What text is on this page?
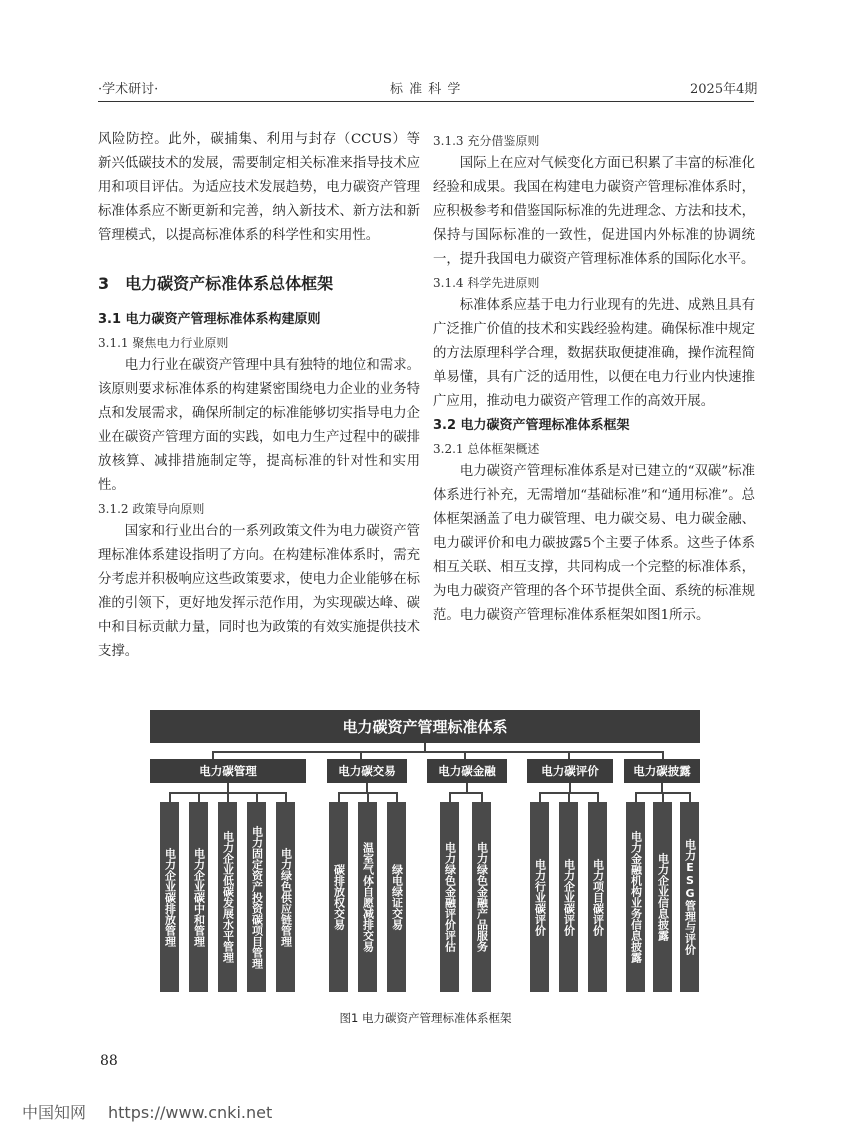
·学术研讨·	标 准 科 学	2025年4期

风险防控。此外，碳捕集、利用与封存（CCUS）等新兴低碳技术的发展，需要制定相关标准来指导技术应用和项目评估。为适应技术发展趋势，电力碳资产管理标准体系应不断更新和完善，纳入新技术、新方法和新管理模式，以提高标准体系的科学性和实用性。

3　电力碳资产标准体系总体框架
3.1 电力碳资产管理标准体系构建原则
3.1.1 聚焦电力行业原则

电力行业在碳资产管理中具有独特的地位和需求。该原则要求标准体系的构建紧密围绕电力企业的业务特点和发展需求，确保所制定的标准能够切实指导电力企业在碳资产管理方面的实践，如电力生产过程中的碳排放核算、减排措施制定等，提高标准的针对性和实用性。

3.1.2 政策导向原则

国家和行业出台的一系列政策文件为电力碳资产管理标准体系建设指明了方向。在构建标准体系时，需充分考虑并积极响应这些政策要求，使电力企业能够在标准的引领下，更好地发挥示范作用，为实现碳达峰、碳中和目标贡献力量，同时也为政策的有效实施提供技术支撑。

3.1.3 充分借鉴原则

国际上在应对气候变化方面已积累了丰富的标准化经验和成果。我国在构建电力碳资产管理标准体系时，应积极参考和借鉴国际标准的先进理念、方法和技术，保持与国际标准的一致性，促进国内外标准的协调统一，提升我国电力碳资产管理标准体系的国际化水平。

3.1.4 科学先进原则

标准体系应基于电力行业现有的先进、成熟且具有广泛推广价值的技术和实践经验构建。确保标准中规定的方法原理科学合理，数据获取便捷准确，操作流程简单易懂，具有广泛的适用性，以便在电力行业内快速推广应用，推动电力碳资产管理工作的高效开展。

3.2 电力碳资产管理标准体系框架
3.2.1 总体框架概述

电力碳资产管理标准体系是对已建立的“双碳”标准体系进行补充，无需增加“基础标准”和“通用标准”。总体框架涵盖了电力碳管理、电力碳交易、电力碳金融、电力碳评价和电力碳披露5个主要子体系。这些子体系相互关联、相互支撑，共同构成一个完整的标准体系，为电力碳资产管理的各个环节提供全面、系统的标准规范。电力碳资产管理标准体系框架如图1所示。

电力碳资产管理标准体系
电力碳管理	电力碳交易	电力碳金融	电力碳评价	电力碳披露
电力企业碳排放管理	电力企业碳中和管理	电力企业低碳发展水平管理	电力固定资产投资碳项目管理	电力绿色供应链管理	碳排放权交易	温室气体自愿减排交易	绿电绿证交易	电力绿色金融评价评估	电力绿色金融产品服务	电力行业碳评价	电力企业碳评价	电力项目碳评价	电力金融机构业务信息披露	电力企业信息披露	电力ESG管理与评价
图1 电力碳资产管理标准体系框架
88
中国知网 https://www.cnki.net
